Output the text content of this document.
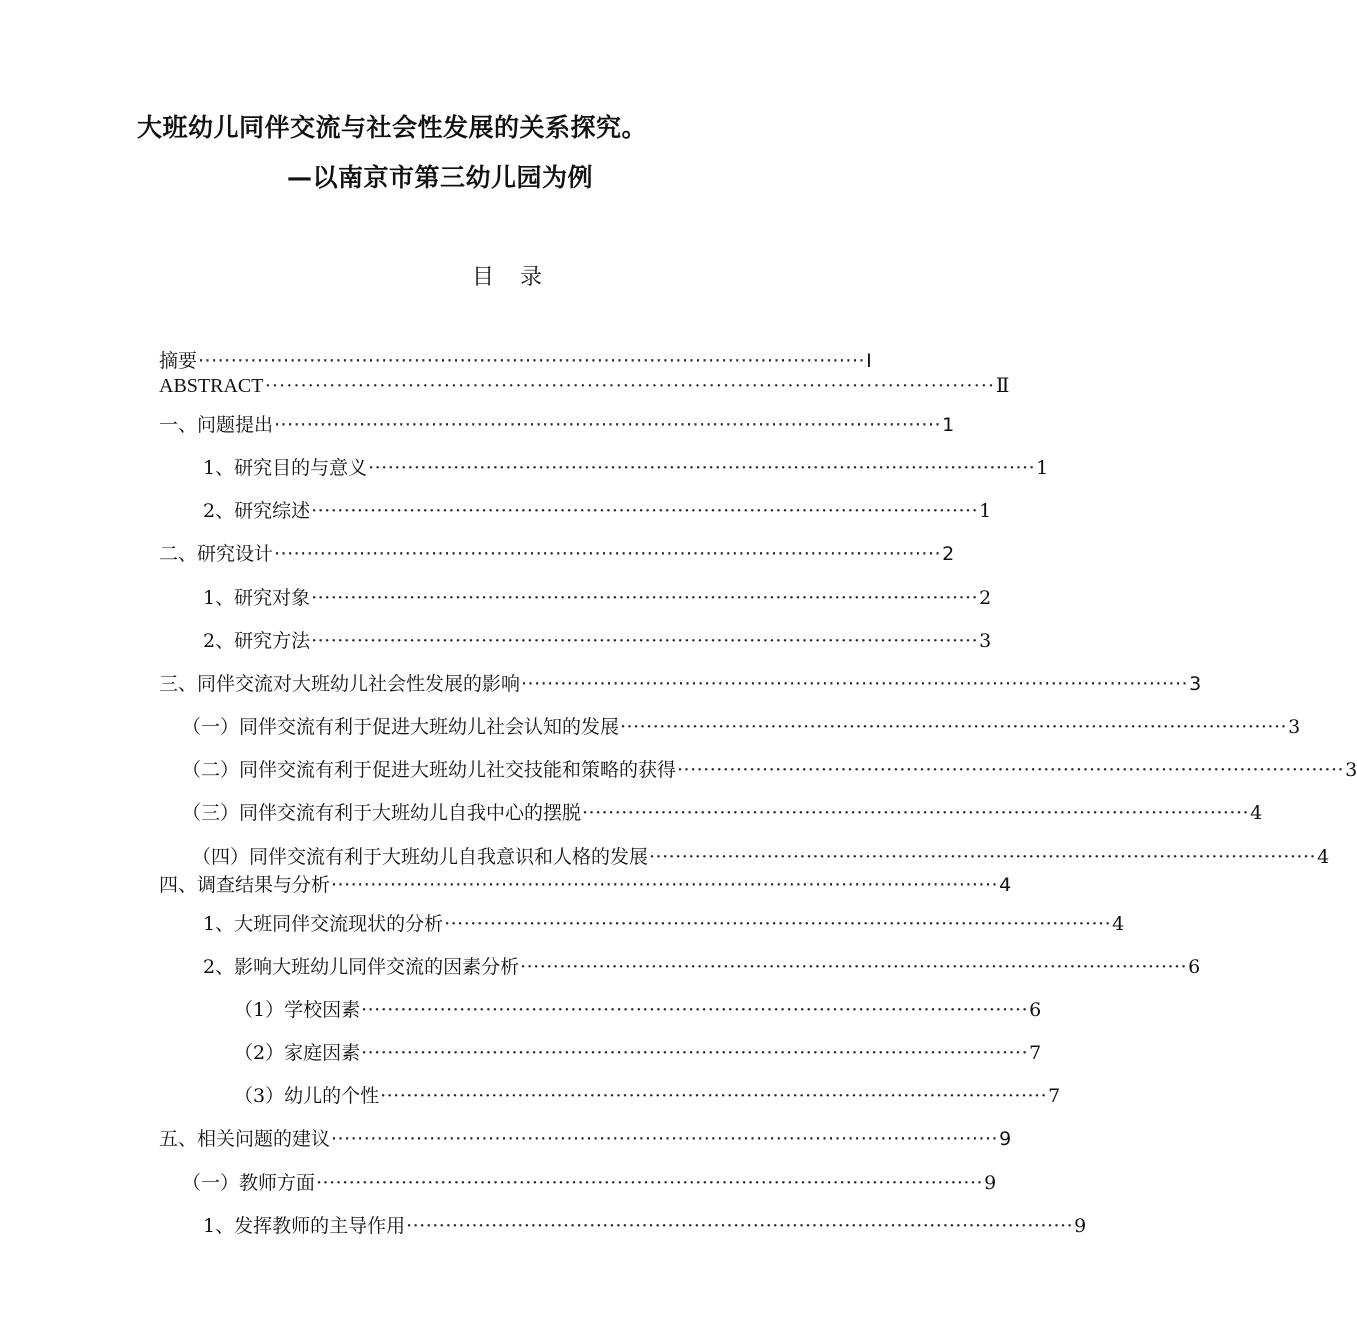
大班幼儿同伴交流与社会性发展的关系探究。
—以南京市第三幼儿园为例
目 录
摘要 ······································································································ Ⅰ
ABSTRACT ······································································································ Ⅱ
一、问题提出 ······································································································ 1
1、研究目的与意义 ······································································································ 1
2、研究综述 ······································································································ 1
二、研究设计 ······································································································ 2
1、研究对象 ······································································································ 2
2、研究方法 ······································································································ 3
三、同伴交流对大班幼儿社会性发展的影响 ······································································································ 3
（一）同伴交流有利于促进大班幼儿社会认知的发展 ······································································································ 3
（二）同伴交流有利于促进大班幼儿社交技能和策略的获得 ······································································································ 3
（三）同伴交流有利于大班幼儿自我中心的摆脱 ······································································································ 4
（四）同伴交流有利于大班幼儿自我意识和人格的发展 ······································································································ 4
四、调查结果与分析 ······································································································ 4
1、大班同伴交流现状的分析 ······································································································ 4
2、影响大班幼儿同伴交流的因素分析 ······································································································ 6
（1）学校因素 ······································································································ 6
（2）家庭因素 ······································································································ 7
（3）幼儿的个性 ······································································································ 7
五、相关问题的建议 ······································································································ 9
（一）教师方面 ······································································································ 9
1、发挥教师的主导作用 ······································································································ 9
